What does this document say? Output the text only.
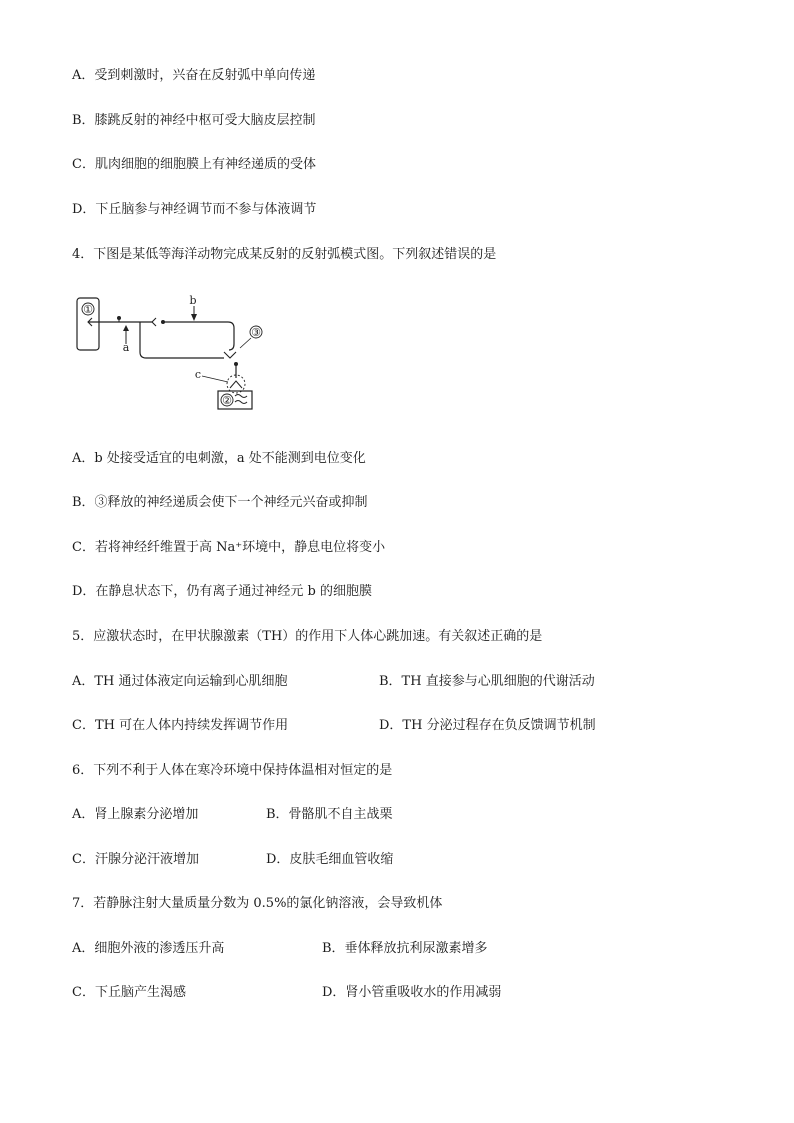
A．受到刺激时，兴奋在反射弧中单向传递
B．膝跳反射的神经中枢可受大脑皮层控制
C．肌肉细胞的细胞膜上有神经递质的受体
D．下丘脑参与神经调节而不参与体液调节
4．下图是某低等海洋动物完成某反射的反射弧模式图。下列叙述错误的是
①
a
b
③
c
②
A．b 处接受适宜的电刺激，a 处不能测到电位变化
B．③释放的神经递质会使下一个神经元兴奋或抑制
C．若将神经纤维置于高 Na⁺环境中，静息电位将变小
D．在静息状态下，仍有离子通过神经元 b 的细胞膜
5．应激状态时，在甲状腺激素（TH）的作用下人体心跳加速。有关叙述正确的是
A．TH 通过体液定向运输到心肌细胞	B．TH 直接参与心肌细胞的代谢活动
C．TH 可在人体内持续发挥调节作用	D．TH 分泌过程存在负反馈调节机制
6．下列不利于人体在寒冷环境中保持体温相对恒定的是
A．肾上腺素分泌增加	B．骨骼肌不自主战栗
C．汗腺分泌汗液增加	D．皮肤毛细血管收缩
7．若静脉注射大量质量分数为 0.5%的氯化钠溶液，会导致机体
A．细胞外液的渗透压升高	B．垂体释放抗利尿激素增多
C．下丘脑产生渴感	D．肾小管重吸收水的作用减弱
